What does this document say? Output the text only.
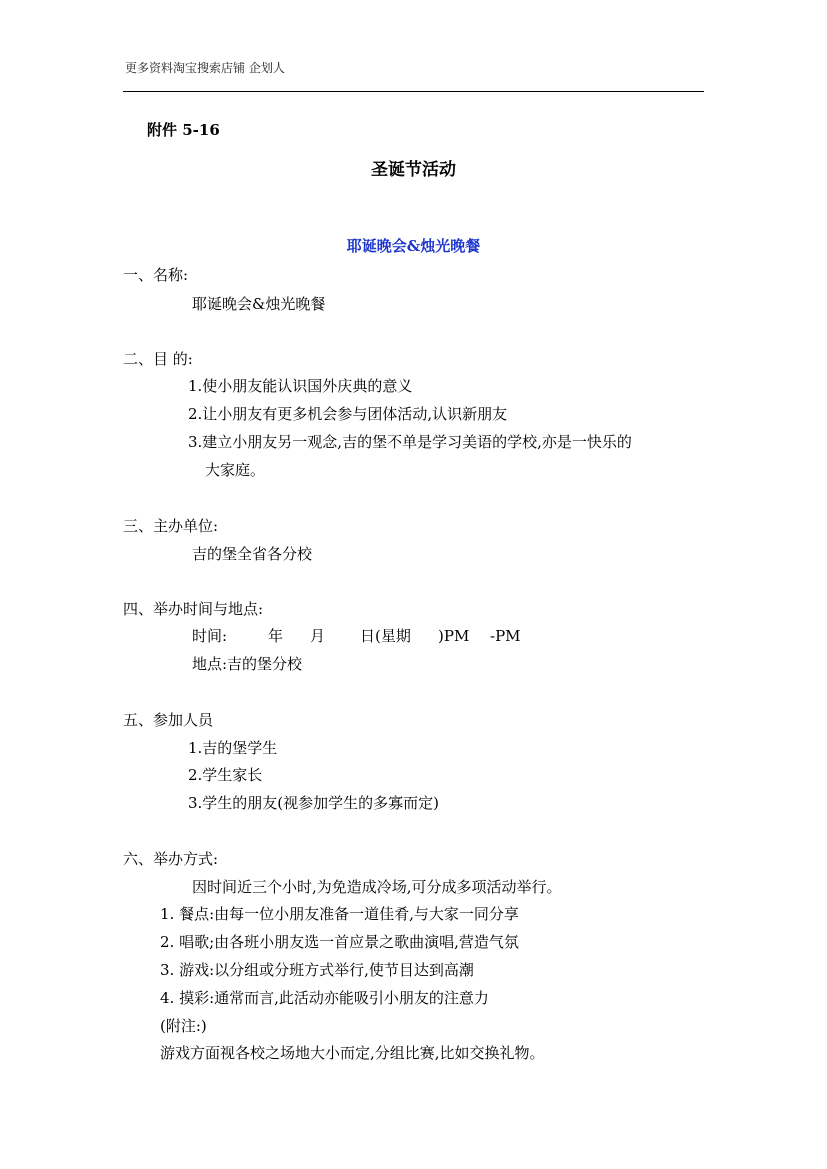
更多资料淘宝搜索店铺 企划人
附件 5-16
圣诞节活动
耶诞晚会&烛光晚餐
一、名称:
耶诞晚会&烛光晚餐
二、目 的:
1.使小朋友能认识国外庆典的意义
2.让小朋友有更多机会参与团体活动,认识新朋友
3.建立小朋友另一观念,吉的堡不单是学习美语的学校,亦是一快乐的
大家庭。
三、主办单位:
吉的堡全省各分校
四、举办时间与地点:
时间:	年 月 日(星期 )PM -PM
地点:吉的堡分校
五、参加人员
1.吉的堡学生
2.学生家长
3.学生的朋友(视参加学生的多寡而定)
六、举办方式:
因时间近三个小时,为免造成冷场,可分成多项活动举行。
1. 餐点:由每一位小朋友准备一道佳肴,与大家一同分享
2. 唱歌;由各班小朋友选一首应景之歌曲演唱,营造气氛
3. 游戏:以分组或分班方式举行,使节目达到高潮
4. 摸彩:通常而言,此活动亦能吸引小朋友的注意力
(附注:)
游戏方面视各校之场地大小而定,分组比赛,比如交换礼物。
